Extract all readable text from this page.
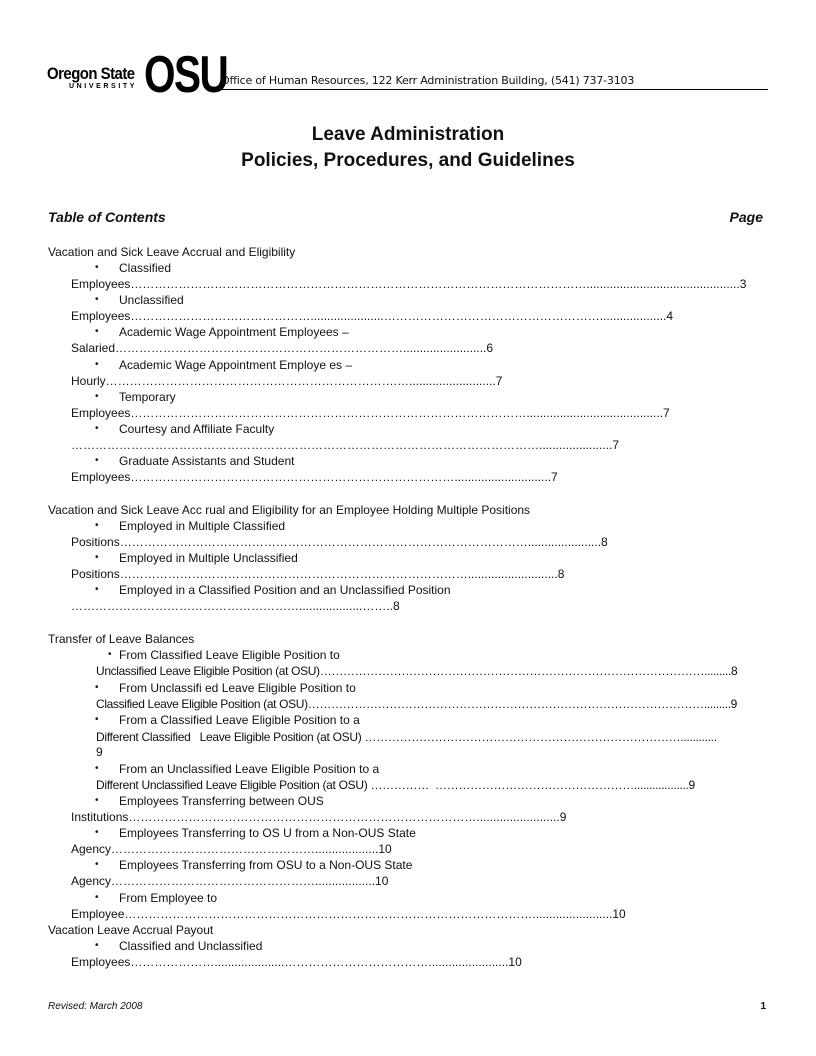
Oregon State
UNIVERSITY OSU
Office of Human Resources, 122 Kerr Administration Building, (541) 737-3103
Leave Administration
Policies, Procedures, and Guidelines
Table of Contents	Page
Vacation and Sick Leave Accrual and Eligibility
• Classified
Employees……………………………………………………………………………………………………..............................................3
• Unclassified
Employees………………………………………......................………………………………………………....................4
• Academic Wage Appointment Employees –
Salaried……………………………………………………………….........................6
• Academic Wage Appointment Employe es –
Hourly……………………………………………………………….…..........................7
• Temporary
Employees……………………………………………………………………………………….........................................7
• Courtesy and Affiliate Faculty
………………………………………………………………………………………………………......................7
• Graduate Assistants and Student
Employees……………………………………………………………………….............................7
Vacation and Sick Leave Acc rual and Eligibility for an Employee Holding Multiple Positions
• Employed in Multiple Classified
Positions…………………………………………………………………………………………......................8
• Employed in Multiple Unclassified
Positions……………………………………………………………………………...........................8
• Employed in a Classified Position and an Unclassified Position
…………………………………………………...................……..8
Transfer of Leave Balances
• From Classified Leave Eligible Position to
Unclassified Leave Eligible Position (at OSU)……………………………………………………………………………………….........8
• From Unclassifi ed Leave Eligible Position to
Classified Leave Eligible Position (at OSU)………………………………………………………………………………………….........9
• From a Classified Leave Eligible Position to a
Different Classified   Leave Eligible Position (at OSU) ………………………………………………………………………............
9
• From an Unclassified Leave Eligible Position to a
Different Unclassified Leave Eligible Position (at OSU) ……………  ……………………………………………..................9
• Employees Transferring between OUS
Institutions…………………………………………………………………………….........................9
• Employees Transferring to OS U from a Non-OUS State
Agency……………………………………………...................10
• Employees Transferring from OSU to a Non-OUS State
Agency……………………………………………..................10
• From Employee to
Employee…………………………………………………………………………………………........................10
Vacation Leave Accrual Payout
• Classified and Unclassified
Employees………………….....................………………………………........................10
Revised: March 2008	1
